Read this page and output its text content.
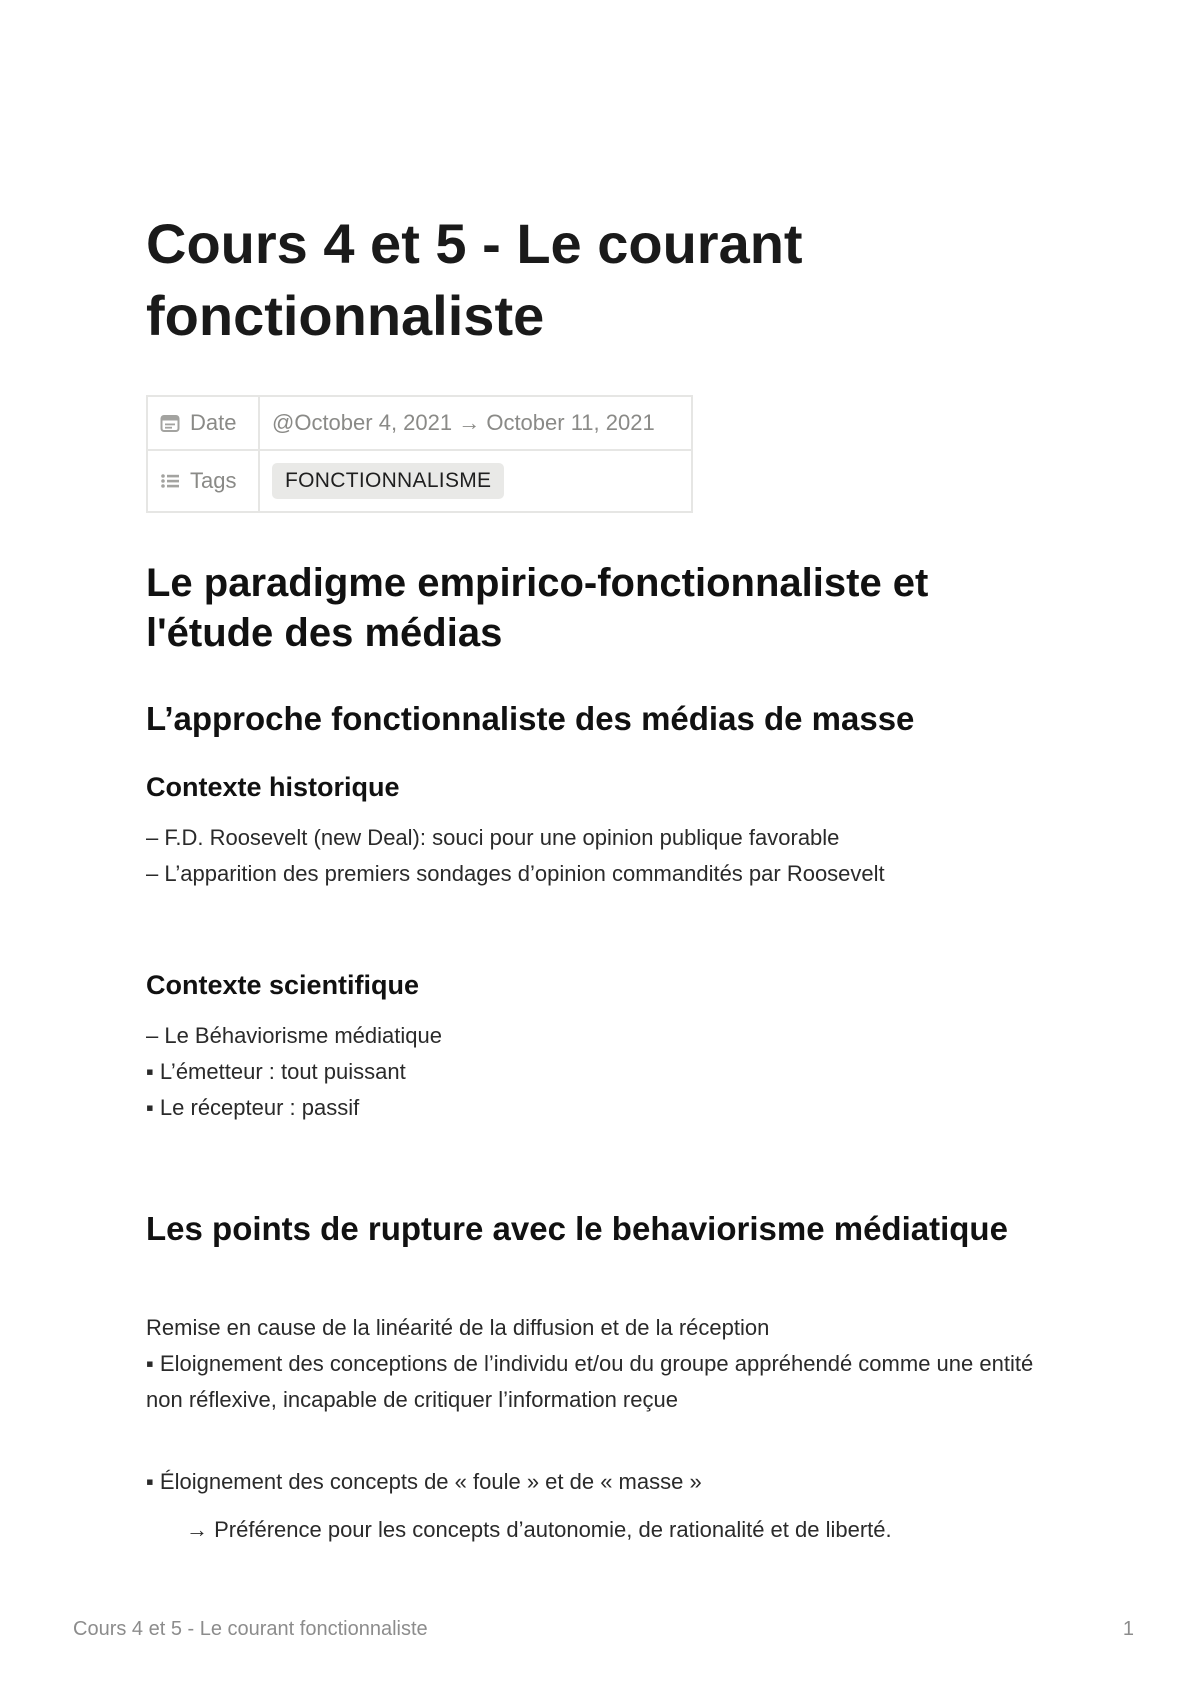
Cours 4 et 5 - Le courant fonctionnaliste
Date	@October 4, 2021 → October 11, 2021
Tags	FONCTIONNALISME
Le paradigme empirico-fonctionnaliste et l'étude des médias
L’approche fonctionnaliste des médias de masse
Contexte historique

– F.D. Roosevelt (new Deal): souci pour une opinion publique favorable

– L’apparition des premiers sondages d’opinion commandités par Roosevelt

Contexte scientifique

– Le Béhaviorisme médiatique

▪ L’émetteur : tout puissant

▪ Le récepteur : passif

Les points de rupture avec le behaviorisme médiatique

Remise en cause de la linéarité de la diffusion et de la réception

▪ Eloignement des conceptions de l’individu et/ou du groupe appréhendé comme une entité non réflexive, incapable de critiquer l’information reçue

▪ Éloignement des concepts de « foule » et de « masse »

→ Préférence pour les concepts d’autonomie, de rationalité et de liberté.

Cours 4 et 5 - Le courant fonctionnaliste	1
